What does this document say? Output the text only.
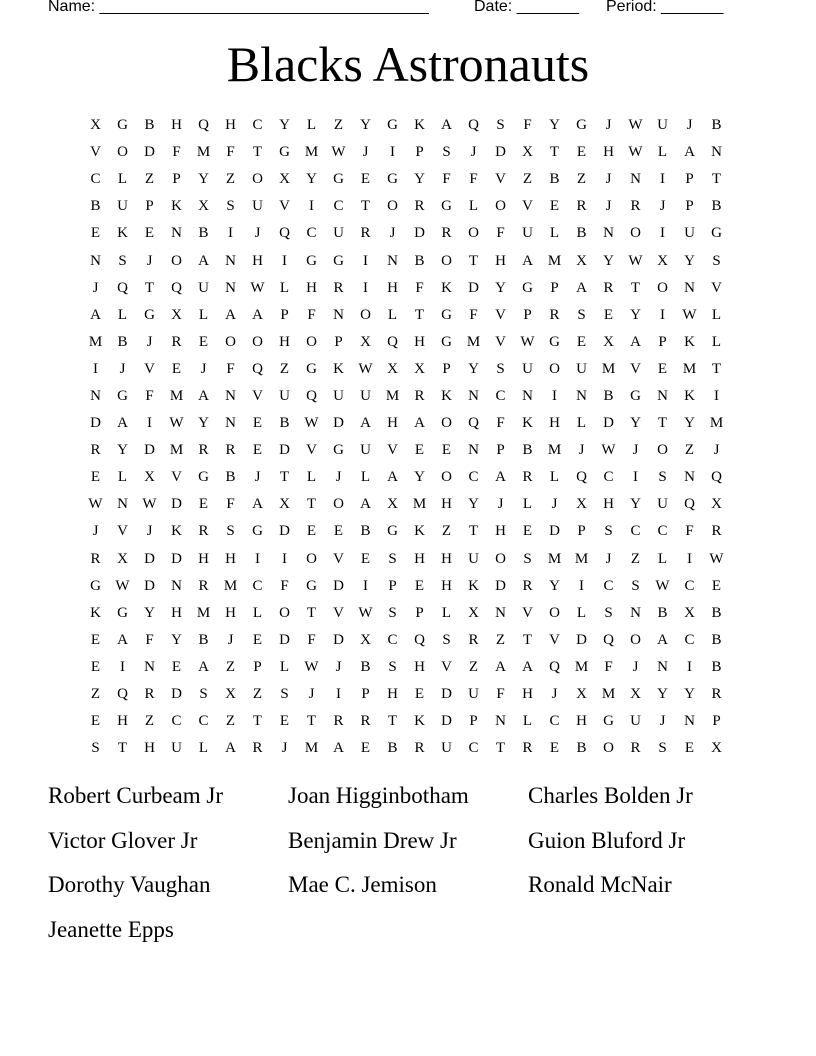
Name: _____________________________________	Date: _______ Period: _______
Blacks Astronauts
X	G	B	H	Q	H	C	Y	L	Z	Y	G	K	A	Q	S	F	Y	G	J	W U	J	B
V	O	D	F	M	F	T	G M W	J	I	P	S	J	D	X	T	E	H W	L	A	N
C	L	Z	P	Y	Z	O	X	Y	G	E	G	Y	F	F	V	Z	B	Z	J	N	I	P	T
B	U	P	K	X	S	U	V	I	C	T	O	R	G	L	O	V	E	R	J	R	J	P	B
E	K	E	N	B	I	J	Q	C	U	R	J	D	R	O	F	U	L	B	N	O	I	U	G
N	S	J	O	A	N	H	I	G	G	I	N	B	O	T	H	A M X	Y W X	Y	S
J	Q	T	Q	U	N W	L	H	R	I	H	F	K	D	Y	G	P	A	R	T	O	N	V
A	L	G	X	L	A	A	P	F	N	O	L	T	G	F	V	P	R	S	E	Y	I	W	L
M	B	J	R	E	O	O	H	O	P	X	Q	H	G M V W G	E	X	A	P	K	L
I	J	V	E	J	F	Q	Z	G	K W X	X	P	Y	S	U	O	U M V	E	M	T
N	G	F	M A	N	V	U	Q	U	U M	R	K	N	C	N	I	N	B	G	N	K	I
D	A	I	W Y	N	E	B W D	A	H	A	O	Q	F	K	H	L	D	Y	T	Y M
R	Y	D M	R	R	E	D	V	G	U	V	E	E	N	P	B	M	J	W	J	O	Z	J
E	L	X	V	G	B	J	T	L	J	L	A	Y	O	C	A	R	L	Q	C	I	S	N	Q
W N W D	E	F	A	X	T	O	A	X M H	Y	J	L	J	X	H	Y	U	Q	X
J	V	J	K	R	S	G	D	E	E	B	G	K	Z	T	H	E	D	P	S	C	C	F	R
R	X	D	D	H	H	I	I	O	V	E	S	H	H	U	O	S	M M	J	Z	L	I	W
G W D	N	R	M	C	F	G	D	I	P	E	H	K	D	R	Y	I	C	S	W C	E
K	G	Y	H M H	L	O	T	V W	S	P	L	X	N	V	O	L	S	N	B	X	B
E	A	F	Y	B	J	E	D	F	D	X	C	Q	S	R	Z	T	V	D	Q	O	A	C	B
E	I	N	E	A	Z	P	L	W	J	B	S	H	V	Z	A	A	Q M	F	J	N	I	B
Z	Q	R	D	S	X	Z	S	J	I	P	H	E	D	U	F	H	J	X M X	Y	Y	R
E	H	Z	C	C	Z	T	E	T	R	R	T	K	D	P	N	L	C	H	G	U	J	N	P
S	T	H	U	L	A	R	J	M A	E	B	R	U	C	T	R	E	B	O	R	S	E	X
Robert Curbeam Jr	Joan Higginbotham	Charles Bolden Jr
Victor Glover Jr	Benjamin Drew Jr	Guion Bluford Jr
Dorothy Vaughan	Mae C. Jemison	Ronald McNair
Jeanette Epps
